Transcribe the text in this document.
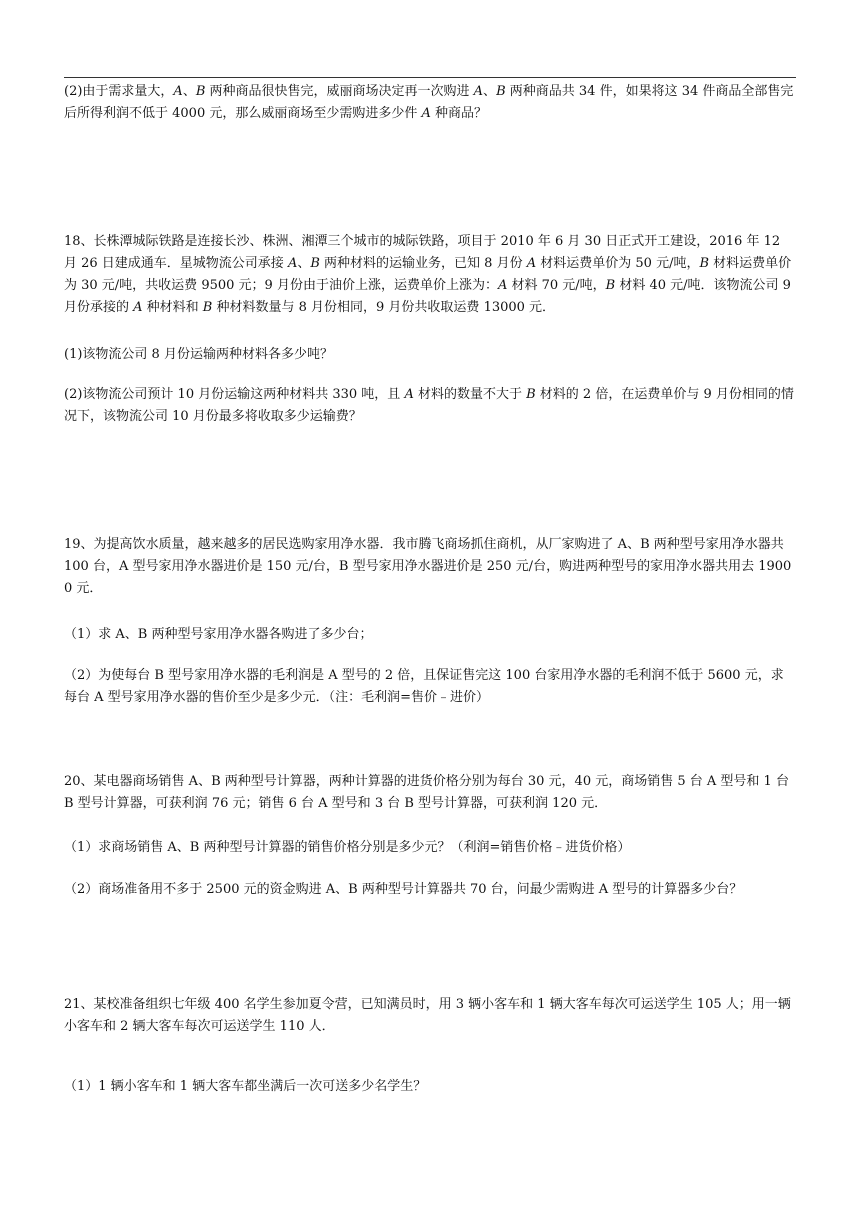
(2)由于需求量大，A、B 两种商品很快售完，威丽商场决定再一次购进 A、B 两种商品共 34 件，如果将这 34 件商品全部售完后所得利润不低于 4000 元，那么威丽商场至少需购进多少件 A 种商品？

18、长株潭城际铁路是连接长沙、株洲、湘潭三个城市的城际铁路，项目于 2010 年 6 月 30 日正式开工建设，2016 年 12 月 26 日建成通车．星城物流公司承接 A、B 两种材料的运输业务，已知 8 月份 A 材料运费单价为 50 元/吨，B 材料运费单价为 30 元/吨，共收运费 9500 元；9 月份由于油价上涨，运费单价上涨为：A 材料 70 元/吨，B 材料 40 元/吨．该物流公司 9 月份承接的 A 种材料和 B 种材料数量与 8 月份相同，9 月份共收取运费 13000 元．

(1)该物流公司 8 月份运输两种材料各多少吨？

(2)该物流公司预计 10 月份运输这两种材料共 330 吨，且 A 材料的数量不大于 B 材料的 2 倍，在运费单价与 9 月份相同的情况下，该物流公司 10 月份最多将收取多少运输费？

19、为提高饮水质量，越来越多的居民选购家用净水器．我市腾飞商场抓住商机，从厂家购进了 A、B 两种型号家用净水器共 100 台，A 型号家用净水器进价是 150 元/台，B 型号家用净水器进价是 250 元/台，购进两种型号的家用净水器共用去 19000 元．

（1）求 A、B 两种型号家用净水器各购进了多少台；

（2）为使每台 B 型号家用净水器的毛利润是 A 型号的 2 倍，且保证售完这 100 台家用净水器的毛利润不低于 5600 元，求每台 A 型号家用净水器的售价至少是多少元．（注：毛利润=售价﹣进价）

20、某电器商场销售 A、B 两种型号计算器，两种计算器的进货价格分别为每台 30 元，40 元，商场销售 5 台 A 型号和 1 台 B 型号计算器，可获利润 76 元；销售 6 台 A 型号和 3 台 B 型号计算器，可获利润 120 元．

（1）求商场销售 A、B 两种型号计算器的销售价格分别是多少元？（利润=销售价格﹣进货价格）

（2）商场准备用不多于 2500 元的资金购进 A、B 两种型号计算器共 70 台，问最少需购进 A 型号的计算器多少台？

21、某校准备组织七年级 400 名学生参加夏令营，已知满员时，用 3 辆小客车和 1 辆大客车每次可运送学生 105 人；用一辆小客车和 2 辆大客车每次可运送学生 110 人．

（1）1 辆小客车和 1 辆大客车都坐满后一次可送多少名学生？
